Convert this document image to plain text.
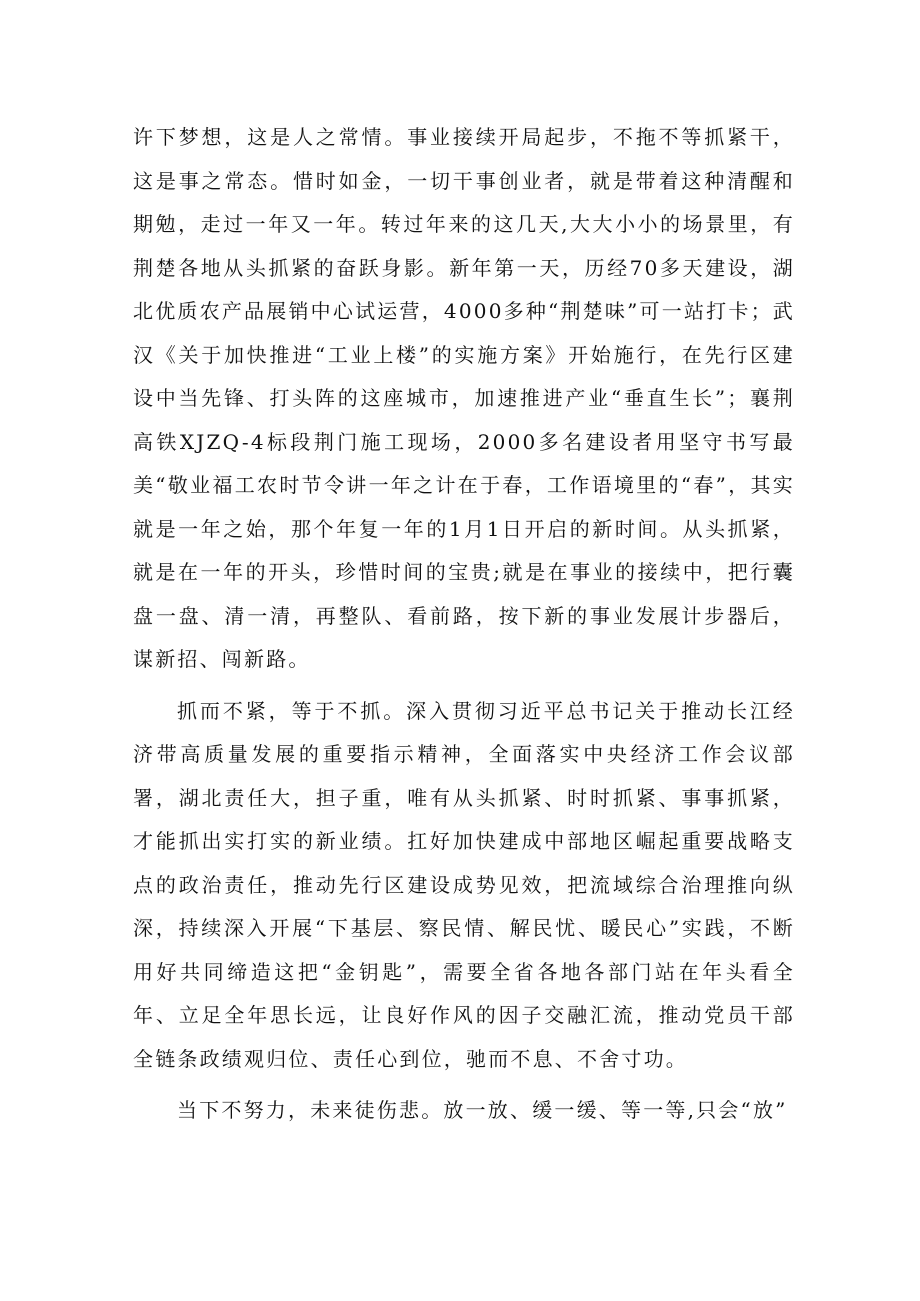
许下梦想，这是人之常情。事业接续开局起步，不拖不等抓紧干，这是事之常态。惜时如金，一切干事创业者，就是带着这种清醒和期勉，走过一年又一年。转过年来的这几天,大大小小的场景里，有荆楚各地从头抓紧的奋跃身影。新年第一天，历经70多天建设，湖北优质农产品展销中心试运营，4000多种“荆楚味”可一站打卡；武汉《关于加快推进“工业上楼”的实施方案》开始施行，在先行区建设中当先锋、打头阵的这座城市，加速推进产业“垂直生长”；襄荆高铁XJZQ-4标段荆门施工现场，2000多名建设者用坚守书写最美“敬业福工农时节令讲一年之计在于春，工作语境里的“春”，其实就是一年之始，那个年复一年的1月1日开启的新时间。从头抓紧，就是在一年的开头，珍惜时间的宝贵;就是在事业的接续中，把行囊盘一盘、清一清，再整队、看前路，按下新的事业发展计步器后，谋新招、闯新路。

抓而不紧，等于不抓。深入贯彻习近平总书记关于推动长江经济带高质量发展的重要指示精神，全面落实中央经济工作会议部署，湖北责任大，担子重，唯有从头抓紧、时时抓紧、事事抓紧，才能抓出实打实的新业绩。扛好加快建成中部地区崛起重要战略支点的政治责任，推动先行区建设成势见效，把流域综合治理推向纵深，持续深入开展“下基层、察民情、解民忧、暖民心”实践，不断用好共同缔造这把“金钥匙”，需要全省各地各部门站在年头看全年、立足全年思长远，让良好作风的因子交融汇流，推动党员干部全链条政绩观归位、责任心到位，驰而不息、不舍寸功。

当下不努力，未来徒伤悲。放一放、缓一缓、等一等,只会“放”
